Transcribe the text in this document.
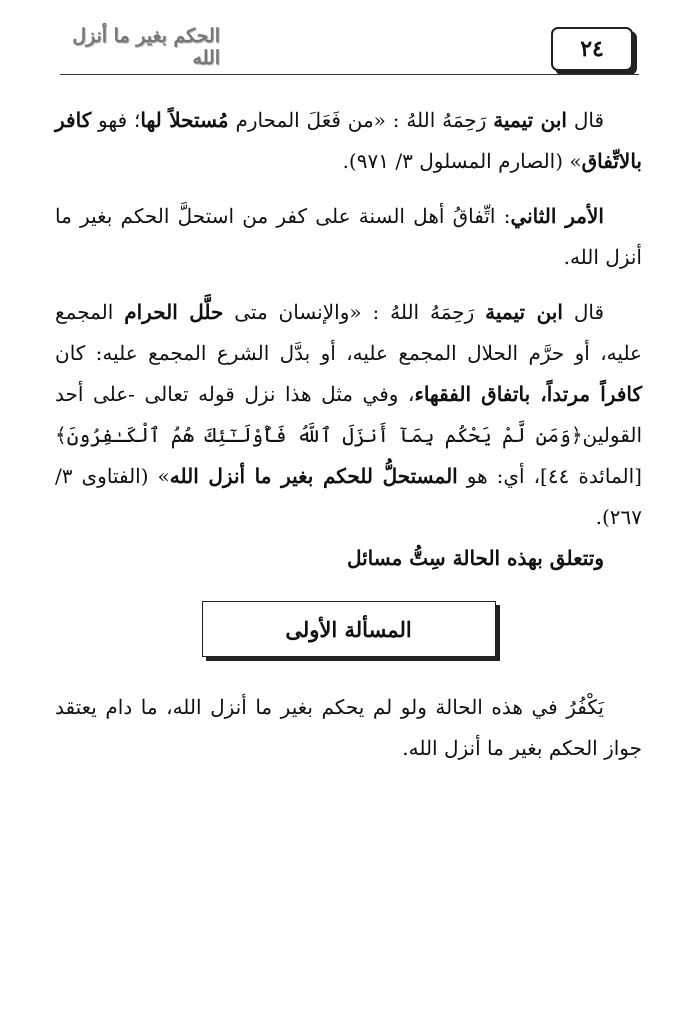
٢٤
الحكم بغير ما أنزل الله

قال ابن تيمية رَحِمَهُ اللهُ : «من فَعَلَ المحارم مُستحلاً لها؛ فهو كافر بالاتِّفاق» (الصارم المسلول ٣/ ٩٧١).

الأمر الثاني: اتِّفاقُ أهل السنة على كفر من استحلَّ الحكم بغير ما أنزل الله.

قال ابن تيمية رَحِمَهُ اللهُ : «والإنسان متى حلَّل الحرام المجمع عليه، أو حرَّم الحلال المجمع عليه، أو بدَّل الشرع المجمع عليه: كان كافراً مرتداً، باتفاق الفقهاء، وفي مثل هذا نزل قوله تعالى -على أحد القولين﴿وَمَن لَّمْ يَحْكُم بِمَآ أَنزَلَ ٱللَّهُ فَأُوْلَـٰٓئِكَ هُمُ ٱلْكَـٰفِرُونَ﴾ [المائدة ٤٤]، أي: هو المستحلُّ للحكم بغير ما أنزل الله» (الفتاوى ٣/ ٢٦٧).

وتتعلق بهذه الحالة سِتُّ مسائل

المسألة الأولى

يَكْفُرُ في هذه الحالة ولو لم يحكم بغير ما أنزل الله، ما دام يعتقد جواز الحكم بغير ما أنزل الله.
